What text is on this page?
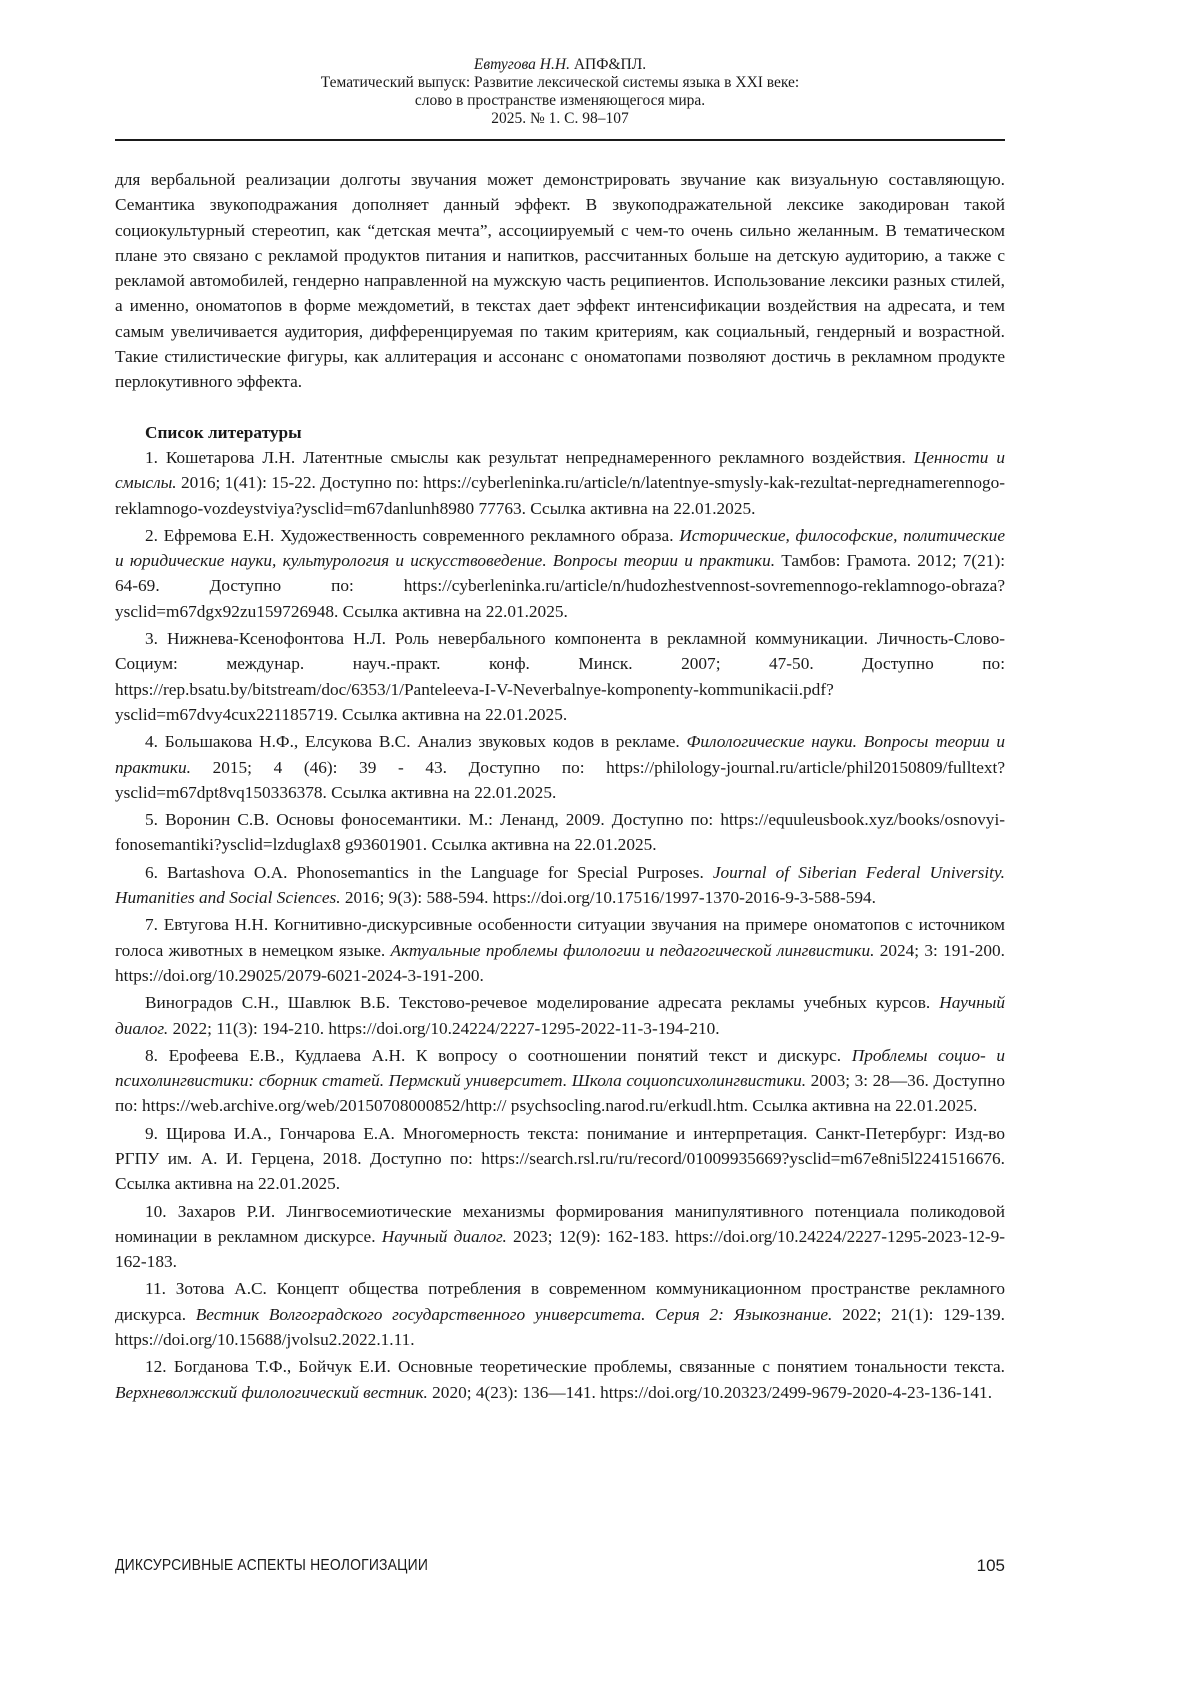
Евтугова Н.Н. АПФ&ПЛ.
Тематический выпуск: Развитие лексической системы языка в XXI веке:
слово в пространстве изменяющегося мира.
2025. № 1. С. 98–107

для вербальной реализации долготы звучания может демонстрировать звучание как визуальную составляющую. Семантика звукоподражания дополняет данный эффект. В звукоподражательной лексике закодирован такой социокультурный стереотип, как “детская мечта”, ассоциируемый с чем-то очень сильно желанным. В тематическом плане это связано с рекламой продуктов питания и напитков, рассчитанных больше на детскую аудиторию, а также с рекламой автомобилей, гендерно направленной на мужскую часть реципиентов. Использование лексики разных стилей, а именно, ономатопов в форме междометий, в текстах дает эффект интенсификации воздействия на адресата, и тем самым увеличивается аудитория, дифференцируемая по таким критериям, как социальный, гендерный и возрастной. Такие стилистические фигуры, как аллитерация и ассонанс с ономатопами позволяют достичь в рекламном продукте перлокутивного эффекта.

Список литературы
1. Кошетарова Л.Н. Латентные смыслы как результат непреднамеренного рекламного воздействия. Ценности и смыслы. 2016; 1(41): 15-22. Доступно по: https://cyberleninka.ru/article/n/latentnye-smysly-kak-rezultat-nepreднamerennogo-reklamnogo-vozdeystviya?ysclid=m67danlunh8980 77763. Ссылка активна на 22.01.2025.
2. Ефремова Е.Н. Художественность современного рекламного образа. Исторические, философские, политические и юридические науки, культурология и искусствоведение. Вопросы теории и практики. Тамбов: Грамота. 2012; 7(21): 64-69. Доступно по: https://cyberleninka.ru/article/n/hudozhestvennost-sovremennogo-reklamnogo-obraza?ysclid=m67dgx92zu159726948. Ссылка активна на 22.01.2025.
3. Нижнева-Ксенофонтова Н.Л. Роль невербального компонента в рекламной коммуникации. Личность-Слово-Социум: междунар. науч.-практ. конф. Минск. 2007; 47-50. Доступно по: https://rep.bsatu.by/bitstream/doc/6353/1/Panteleeva-I-V-Neverbalnye-komponenty-kommunikacii.pdf?ysclid=m67dvy4cux221185719. Ссылка активна на 22.01.2025.
4. Большакова Н.Ф., Елсукова В.С. Анализ звуковых кодов в рекламе. Филологические науки. Вопросы теории и практики. 2015; 4 (46): 39 - 43. Доступно по: https://philology-journal.ru/article/phil20150809/fulltext? ysclid=m67dpt8vq150336378. Ссылка активна на 22.01.2025.
5. Воронин С.В. Основы фоносемантики. М.: Ленанд, 2009. Доступно по: https://equuleusbook.xyz/books/osnovyi-fonosemantiki?ysclid=lzduglax8 g93601901. Ссылка активна на 22.01.2025.
6. Bartashova O.A. Phonosemantics in the Language for Special Purposes. Journal of Siberian Federal University. Humanities and Social Sciences. 2016; 9(3): 588-594. https://doi.org/10.17516/1997-1370-2016-9-3-588-594.
7. Евтугова Н.Н. Когнитивно-дискурсивные особенности ситуации звучания на примере ономатопов с источником голоса животных в немецком языке. Актуальные проблемы филологии и педагогической лингвистики. 2024; 3: 191-200. https://doi.org/10.29025/2079-6021-2024-3-191-200.
Виноградов С.Н., Шавлюк В.Б. Текстово-речевое моделирование адресата рекламы учебных курсов. Научный диалог. 2022; 11(3): 194-210. https://doi.org/10.24224/2227-1295-2022-11-3-194-210.
8. Ерофеева Е.В., Кудлаева А.Н. К вопросу о соотношении понятий текст и дискурс. Проблемы социо- и психолингвистики: сборник статей. Пермский университет. Школа социопсихолингвистики. 2003; 3: 28—36. Доступно по: https://web.archive.org/web/20150708000852/http:// psychsocling.narod.ru/erkudl.htm. Ссылка активна на 22.01.2025.
9. Щирова И.А., Гончарова Е.А. Многомерность текста: понимание и интерпретация. Санкт-Петербург: Изд-во РГПУ им. А. И. Герцена, 2018. Доступно по: https://search.rsl.ru/ru/record/01009935669?ysclid=m67e8ni5l2241516676. Ссылка активна на 22.01.2025.
10. Захаров Р.И. Лингвосемиотические механизмы формирования манипулятивного потенциала поликодовой номинации в рекламном дискурсе. Научный диалог. 2023; 12(9): 162-183. https://doi.org/10.24224/2227-1295-2023-12-9-162-183.
11. Зотова А.С. Концепт общества потребления в современном коммуникационном пространстве рекламного дискурса. Вестник Волгоградского государственного университета. Серия 2: Языкознание. 2022; 21(1): 129-139. https://doi.org/10.15688/jvolsu2.2022.1.11.
12. Богданова Т.Ф., Бойчук Е.И. Основные теоретические проблемы, связанные с понятием тональности текста. Верхневолжский филологический вестник. 2020; 4(23): 136—141. https://doi.org/10.20323/2499-9679-2020-4-23-136-141.
ДИКСУРСИВНЫЕ АСПЕКТЫ НЕОЛОГИЗАЦИИ	105
